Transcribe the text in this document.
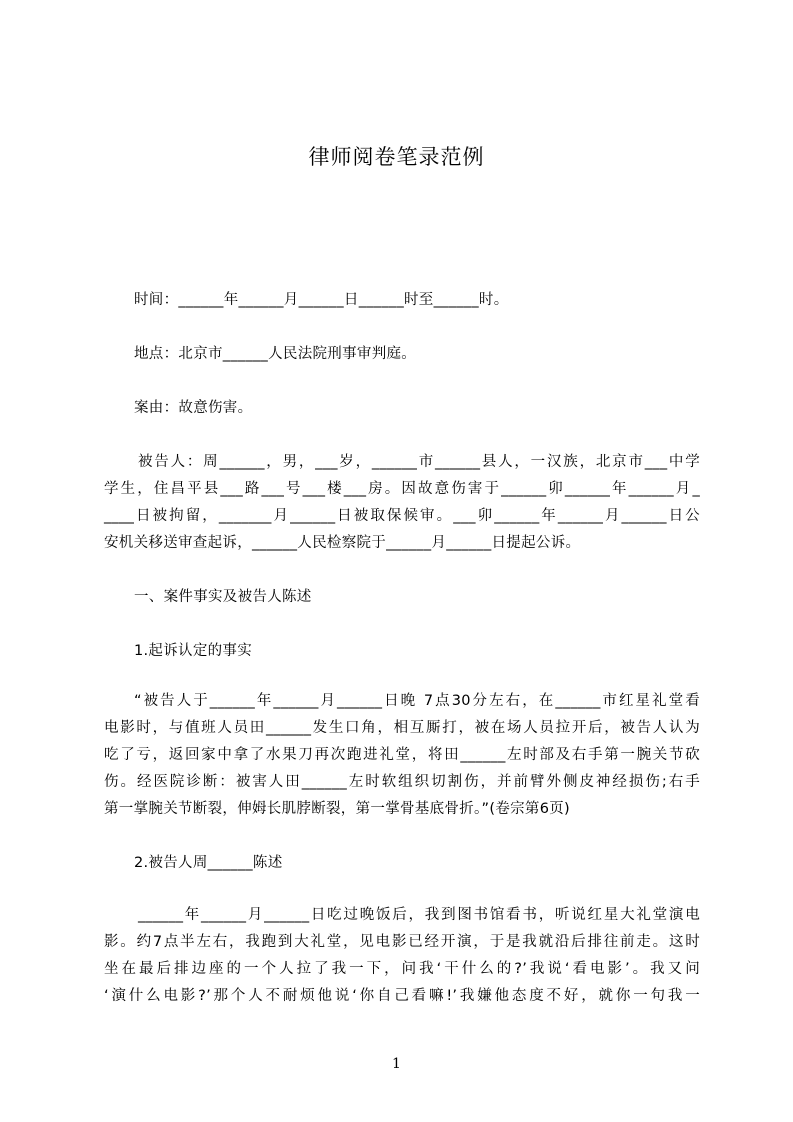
律师阅卷笔录范例
时间：______年______月______日______时至______时。
地点：北京市______人民法院刑事审判庭。
案由：故意伤害。
被告人：周______，男，___岁，______市______县人，一汉族，北京市___中学
学生，住昌平县___路___号___楼___房。因故意伤害于______卯______年______月_
____日被拘留，_______月______日被取保候审。___卯______年______月______日公
安机关移送审查起诉，______人民检察院于______月______日提起公诉。
一、案件事实及被告人陈述
1.起诉认定的事实
“被告人于______年______月______日晚 7点30分左右，在______市红星礼堂看
电影时，与值班人员田______发生口角，相互厮打，被在场人员拉开后，被告人认为
吃了亏，返回家中拿了水果刀再次跑进礼堂，将田______左时部及右手第一腕关节砍
伤。经医院诊断：被害人田______左时软组织切割伤，并前臂外侧皮神经损伤;右手
第一掌腕关节断裂，伸姆长肌脖断裂，第一掌骨基底骨折。”(卷宗第6页)
2.被告人周______陈述
______年______月______日吃过晚饭后，我到图书馆看书，听说红星大礼堂演电
影。约7点半左右，我跑到大礼堂，见电影已经开演，于是我就沿后排往前走。这时
坐在最后排边座的一个人拉了我一下，问我‘干什么的?’我说‘看电影’。我又问
‘演什么电影?’那个人不耐烦他说‘你自己看嘛!’我嫌他态度不好，就你一句我一
1
